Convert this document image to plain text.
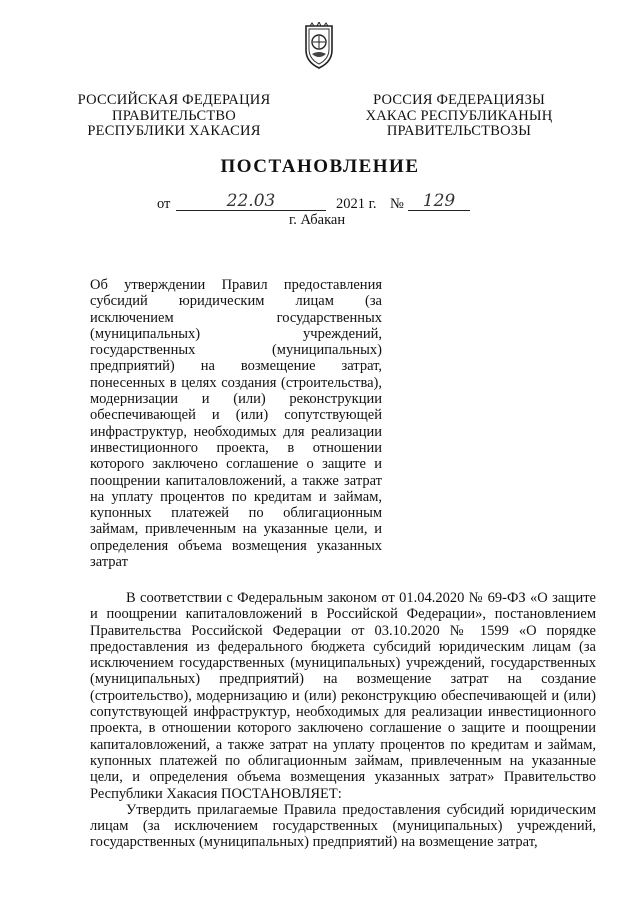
РОССИЙСКАЯ ФЕДЕРАЦИЯ
ПРАВИТЕЛЬСТВО
РЕСПУБЛИКИ ХАКАСИЯ
РОССИЯ ФЕДЕРАЦИЯЗЫ
ХАКАС РЕСПУБЛИКАНЫҢ
ПРАВИТЕЛЬСТВОЗЫ
ПОСТАНОВЛЕНИЕ
от	22.03	2021 г. №	129
г. Абакан
Об утверждении Правил предоставления субсидий юридическим лицам (за исключением государственных (муниципальных) учреждений, государственных (муниципальных) предприятий) на возмещение затрат, понесенных в целях создания (строительства), модернизации и (или) реконструкции обеспечивающей и (или) сопутствующей инфраструктур, необходимых для реализации инвестиционного проекта, в отношении которого заключено соглашение о защите и поощрении капиталовложений, а также затрат на уплату процентов по кредитам и займам, купонных платежей по облигационным займам, привлеченным на указанные цели, и определения объема возмещения указанных затрат

В соответствии с Федеральным законом от 01.04.2020 № 69-ФЗ «О защите и поощрении капиталовложений в Российской Федерации», постановлением Правительства Российской Федерации от 03.10.2020 № 1599 «О порядке предоставления из федерального бюджета субсидий юридическим лицам (за исключением государственных (муниципальных) учреждений, государственных (муниципальных) предприятий) на возмещение затрат на создание (строительство), модернизацию и (или) реконструкцию обеспечивающей и (или) сопутствующей инфраструктур, необходимых для реализации инвестиционного проекта, в отношении которого заключено соглашение о защите и поощрении капиталовложений, а также затрат на уплату процентов по кредитам и займам, купонных платежей по облигационным займам, привлеченным на указанные цели, и определения объема возмещения указанных затрат» Правительство Республики Хакасия ПОСТАНОВЛЯЕТ:

Утвердить прилагаемые Правила предоставления субсидий юридическим лицам (за исключением государственных (муниципальных) учреждений, государственных (муниципальных) предприятий) на возмещение затрат,
